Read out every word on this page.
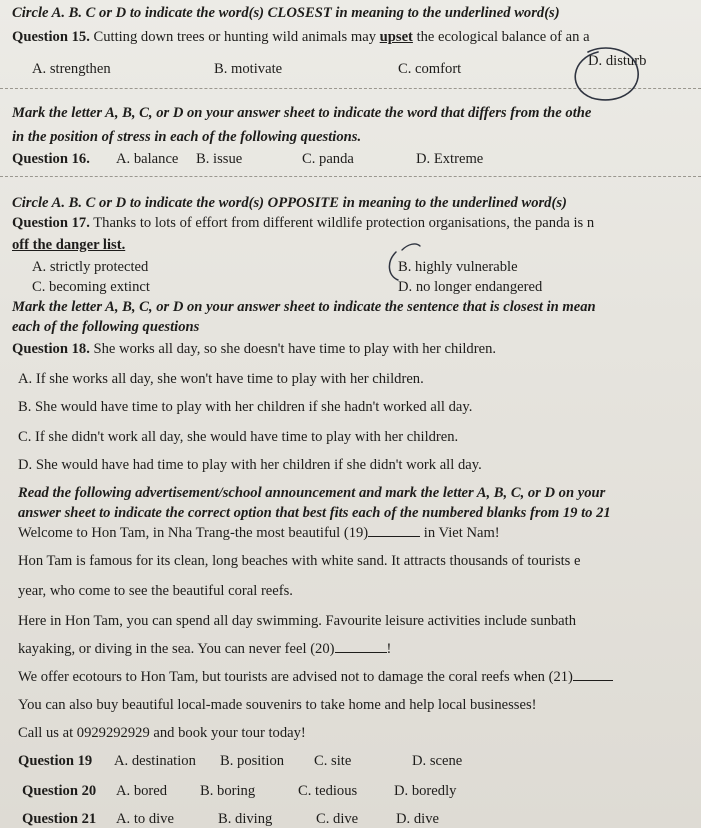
Circle A. B. C or D to indicate the word(s) CLOSEST in meaning to the underlined word(s)
Question 15. Cutting down trees or hunting wild animals may upset the ecological balance of an a
A. strengthen	B. motivate	C. comfort	D. disturb
Mark the letter A, B, C, or D on your answer sheet to indicate the word that differs from the othe
in the position of stress in each of the following questions.
Question 16. A. balance B. issue	C. panda	D. Extreme
Circle A. B. C or D to indicate the word(s) OPPOSITE in meaning to the underlined word(s)
Question 17. Thanks to lots of effort from different wildlife protection organisations, the panda is n
off the danger list.
A. strictly protected	B. highly vulnerable
C. becoming extinct	D. no longer endangered
Mark the letter A, B, C, or D on your answer sheet to indicate the sentence that is closest in mean
each of the following questions
Question 18. She works all day, so she doesn't have time to play with her children.
A. If she works all day, she won't have time to play with her children.
B. She would have time to play with her children if she hadn't worked all day.
C. If she didn't work all day, she would have time to play with her children.
D. She would have had time to play with her children if she didn't work all day.
Read the following advertisement/school announcement and mark the letter A, B, C, or D on your
answer sheet to indicate the correct option that best fits each of the numbered blanks from 19 to 21
Welcome to Hon Tam, in Nha Trang-the most beautiful (19)	in Viet Nam!
Hon Tam is famous for its clean, long beaches with white sand. It attracts thousands of tourists e
year, who come to see the beautiful coral reefs.
Here in Hon Tam, you can spend all day swimming. Favourite leisure activities include sunbath
kayaking, or diving in the sea. You can never feel (20)	!
We offer ecotours to Hon Tam, but tourists are advised not to damage the coral reefs when (21)
You can also buy beautiful local-made souvenirs to take home and help local businesses!
Call us at 0929292929 and book your tour today!
Question 19 A. destination B. position C. site	D. scene
Question 20 A. bored B. boring	C. tedious	D. boredly
Question 21 A. to dive	B. diving	C. dive	D. dive
